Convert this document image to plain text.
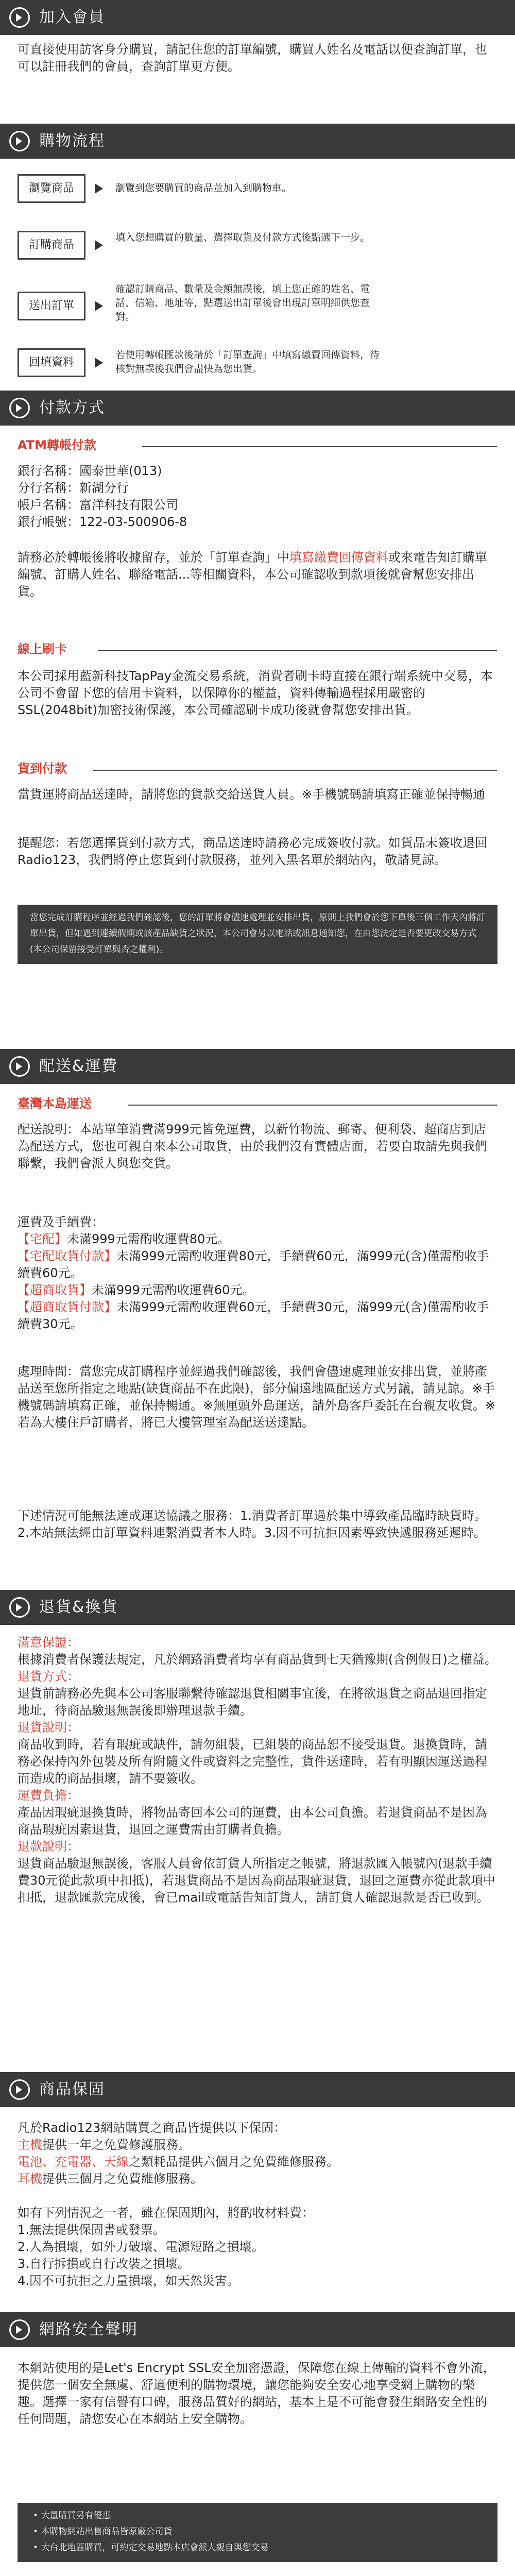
加入會員
可直接使用訪客身分購買，請記住您的訂單編號，購買人姓名及電話以便查詢訂單，也可以註冊我們的會員，查詢訂單更方便。
購物流程
瀏覽商品	瀏覽到您要購買的商品並加入到購物車。
訂購商品
填入您想購買的數量、選擇取貨及付款方式後點選下一步。
送出訂單
確認訂購商品、數量及金額無誤後，填上您正確的姓名、電話、信箱、地址等，點選送出訂單後會出現訂單明細供您查對。
回填資料
若使用轉帳匯款後請於「訂單查詢」中填寫繳費回傳資料，待核對無誤後我們會盡快為您出貨。
付款方式
ATM轉帳付款

銀行名稱：國泰世華(013)

分行名稱：新湖分行

帳戶名稱：富洋科技有限公司

銀行帳號：122-03-500906-8

請務必於轉帳後將收據留存，並於「訂單查詢」中填寫繳費回傳資料或來電告知訂購單編號、訂購人姓名、聯絡電話...等相關資料，本公司確認收到款項後就會幫您安排出貨。
線上刷卡
本公司採用藍新科技TapPay金流交易系統，消費者刷卡時直接在銀行端系統中交易，本公司不會留下您的信用卡資料，以保障你的權益，資料傳輸過程採用嚴密的SSL(2048bit)加密技術保護，本公司確認刷卡成功後就會幫您安排出貨。
貨到付款
當貨運將商品送達時，請將您的貨款交給送貨人員。※手機號碼請填寫正確並保持暢通
提醒您：若您選擇貨到付款方式，商品送達時請務必完成簽收付款。如貨品未簽收退回Radio123，我們將停止您貨到付款服務，並列入黑名單於網站內，敬請見諒。
當您完成訂購程序並經過我們確認後，您的訂單將會儘速處理並安排出貨，原則上我們會於您下單後三個工作天內將訂單出貨，但如遇到連續假期或該產品缺貨之狀況，本公司會另以電話或訊息通知您，在由您決定是否要更改交易方式(本公司保留接受訂單與否之權利)。
配送&運費
臺灣本島運送
配送說明：本站單筆消費滿999元皆免運費，以新竹物流、郵寄、便利袋、超商店到店為配送方式，您也可親自來本公司取貨，由於我們沒有實體店面，若要自取請先與我們聯繫，我們會派人與您交貨。

運費及手續費：

【宅配】未滿999元需酌收運費80元。

【宅配取貨付款】未滿999元需酌收運費80元，手續費60元，滿999元(含)僅需酌收手續費60元。

【超商取貨】未滿999元需酌收運費60元。

【超商取貨付款】未滿999元需酌收運費60元，手續費30元，滿999元(含)僅需酌收手續費30元。

處理時間：當您完成訂購程序並經過我們確認後，我們會儘速處理並安排出貨，並將產品送至您所指定之地點(缺貨商品不在此限)，部分偏遠地區配送方式另議，請見諒。※手機號碼請填寫正確，並保持暢通。※無厘頭外島運送，請外島客戶委託在台親友收貨。※若為大樓住戶訂購者，將已大樓管理室為配送送達點。
下述情況可能無法達成運送協議之服務：1.消費者訂單過於集中導致產品臨時缺貨時。2.本站無法經由訂單資料連繫消費者本人時。3.因不可抗拒因素導致快遞服務延遲時。
退貨&換貨

滿意保證：

根據消費者保護法規定，凡於網路消費者均享有商品貨到七天猶豫期(含例假日)之權益。

退貨方式：

退貨前請務必先與本公司客服聯繫待確認退貨相關事宜後，在將欲退貨之商品退回指定地址，待商品驗退無誤後即辦理退款手續。

退貨說明：

商品收到時，若有瑕疵或缺件，請勿組裝，已組裝的商品恕不接受退貨。退換貨時，請務必保持內外包裝及所有附隨文件或資料之完整性，貨件送達時，若有明顯因運送過程而造成的商品損壞，請不要簽收。

運費負擔：

產品因瑕疵退換貨時，將物品寄回本公司的運費，由本公司負擔。若退貨商品不是因為商品瑕疵因素退貨，退回之運費需由訂購者負擔。

退款說明：

退貨商品驗退無誤後，客服人員會依訂貨人所指定之帳號，將退款匯入帳號內(退款手續費30元從此款項中扣抵)，若退貨商品不是因為商品瑕疵退貨，退回之運費亦從此款項中扣抵，退款匯款完成後，會已mail或電話告知訂貨人，請訂貨人確認退款是否已收到。

商品保固

凡於Radio123網站購買之商品皆提供以下保固：

主機提供一年之免費修護服務。

電池、充電器、天線之類耗品提供六個月之免費維修服務。

耳機提供三個月之免費維修服務。

如有下列情況之一者，雖在保固期內，將酌收材料費：

1.無法提供保固書或發票。

2.人為損壞，如外力破壞、電源短路之損壞。

3.自行拆損或自行改裝之損壞。

4.因不可抗拒之力量損壞，如天然災害。

網路安全聲明
本網站使用的是Let's Encrypt SSL安全加密憑證，保障您在線上傳輸的資料不會外流，提供您一個安全無虞、舒適便利的購物環境，讓您能夠安全安心地享受網上購物的樂趣。選擇一家有信譽有口碑，服務品質好的網站，基本上是不可能會發生網路安全性的任何問題，請您安心在本網站上安全購物。
• 大量購買另有優惠
• 本購物網站出售商品皆原廠公司貨
• 大台北地區購買，可約定交易地點本店會派人親自與您交易
